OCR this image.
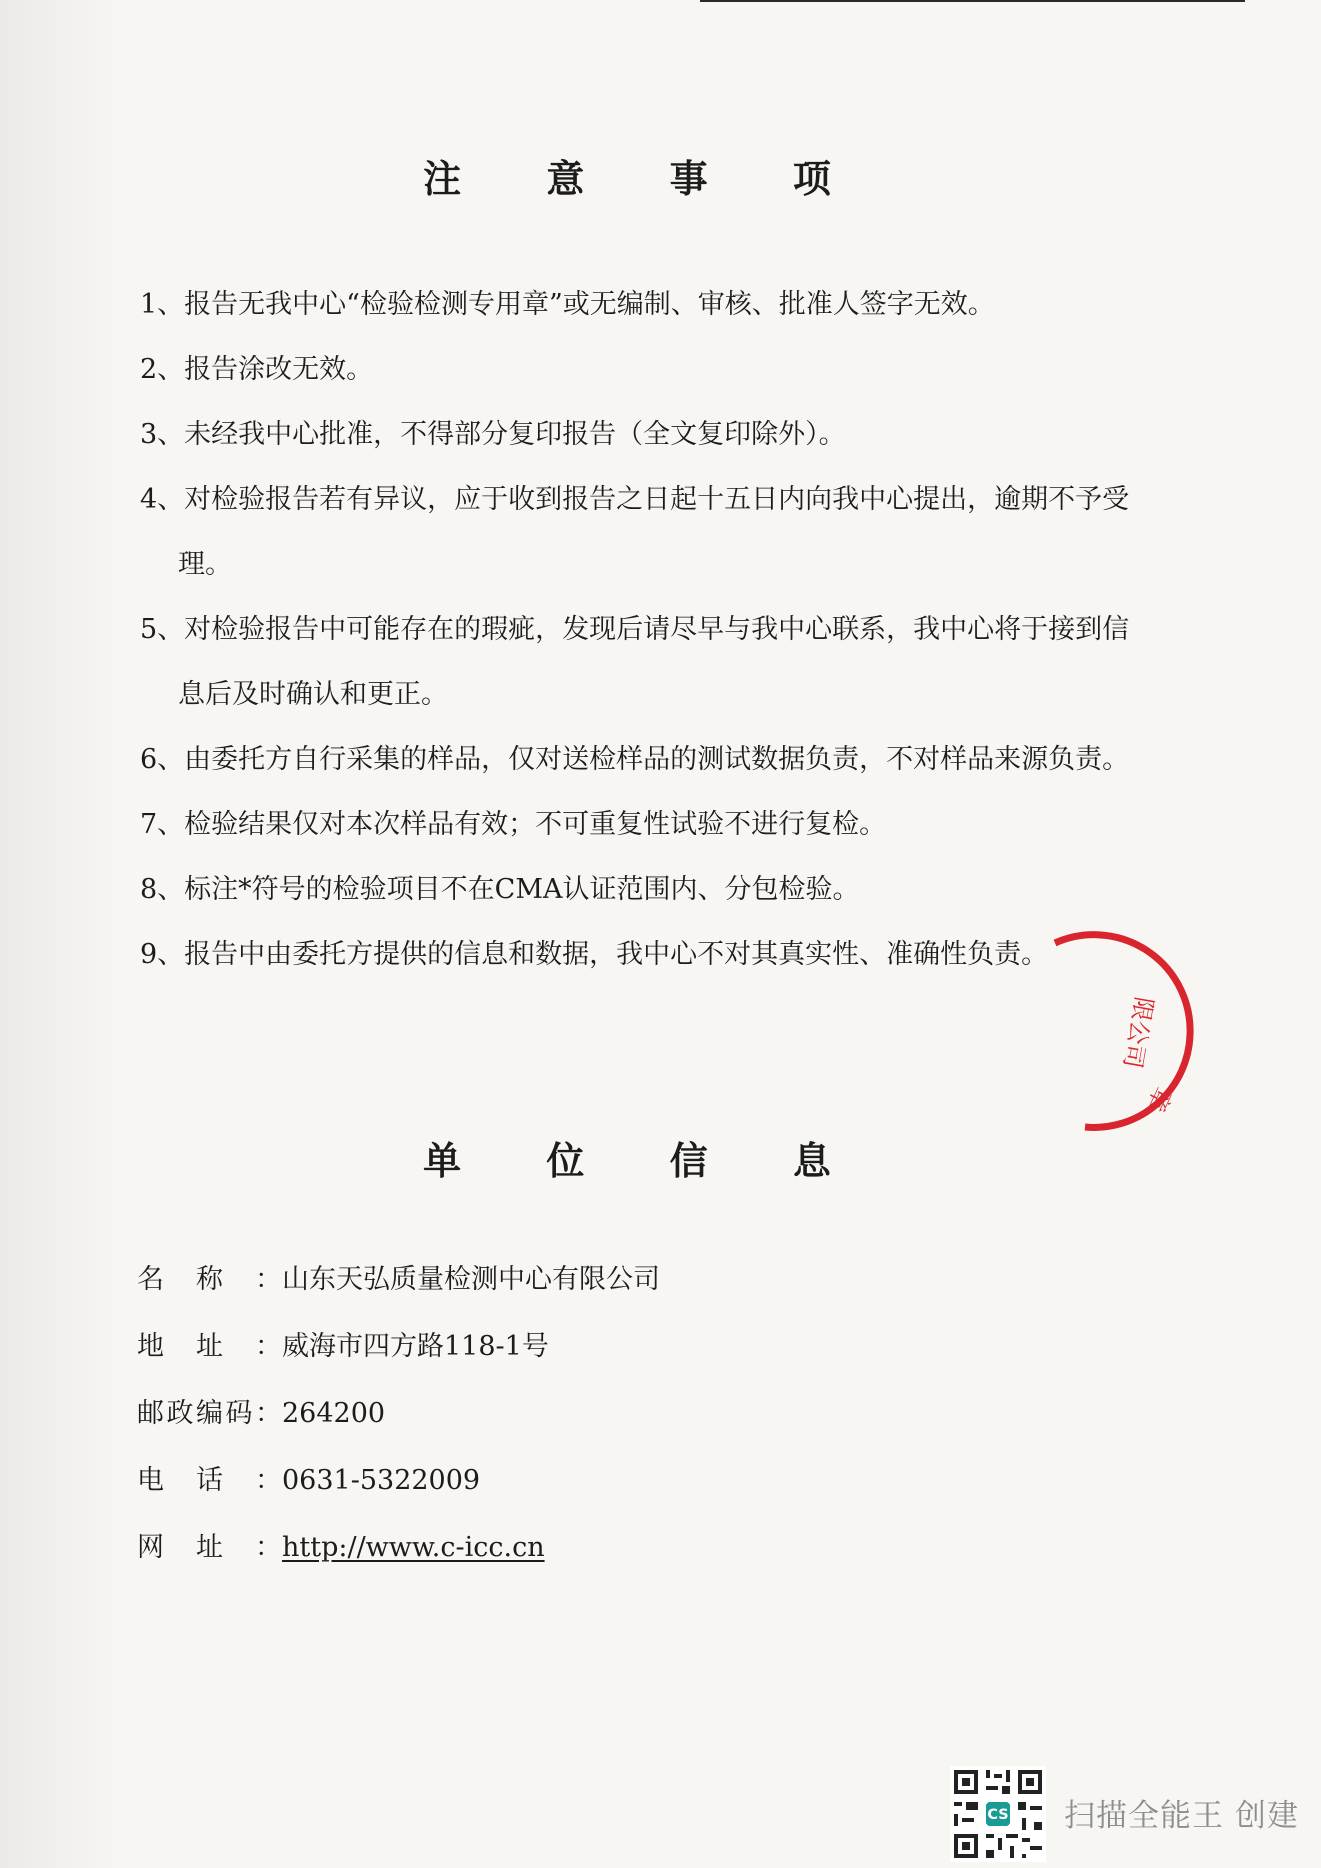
注 意 事 项
1、报告无我中心“检验检测专用章”或无编制、审核、批准人签字无效。
2、报告涂改无效。
3、未经我中心批准，不得部分复印报告（全文复印除外）。
4、对检验报告若有异议，应于收到报告之日起十五日内向我中心提出，逾期不予受理。
5、对检验报告中可能存在的瑕疵，发现后请尽早与我中心联系，我中心将于接到信息后及时确认和更正。
6、由委托方自行采集的样品，仅对送检样品的测试数据负责，不对样品来源负责。
7、检验结果仅对本次样品有效；不可重复性试验不进行复检。
8、标注*符号的检验项目不在CMA认证范围内、分包检验。
9、报告中由委托方提供的信息和数据，我中心不对其真实性、准确性负责。
限公司
章
单 位 信 息
名称： 山东天弘质量检测中心有限公司
地址： 威海市四方路118-1号
邮政编码： 264200
电话： 0631-5322009
网址： http://www.c-icc.cn
CS 扫描全能王 创建
